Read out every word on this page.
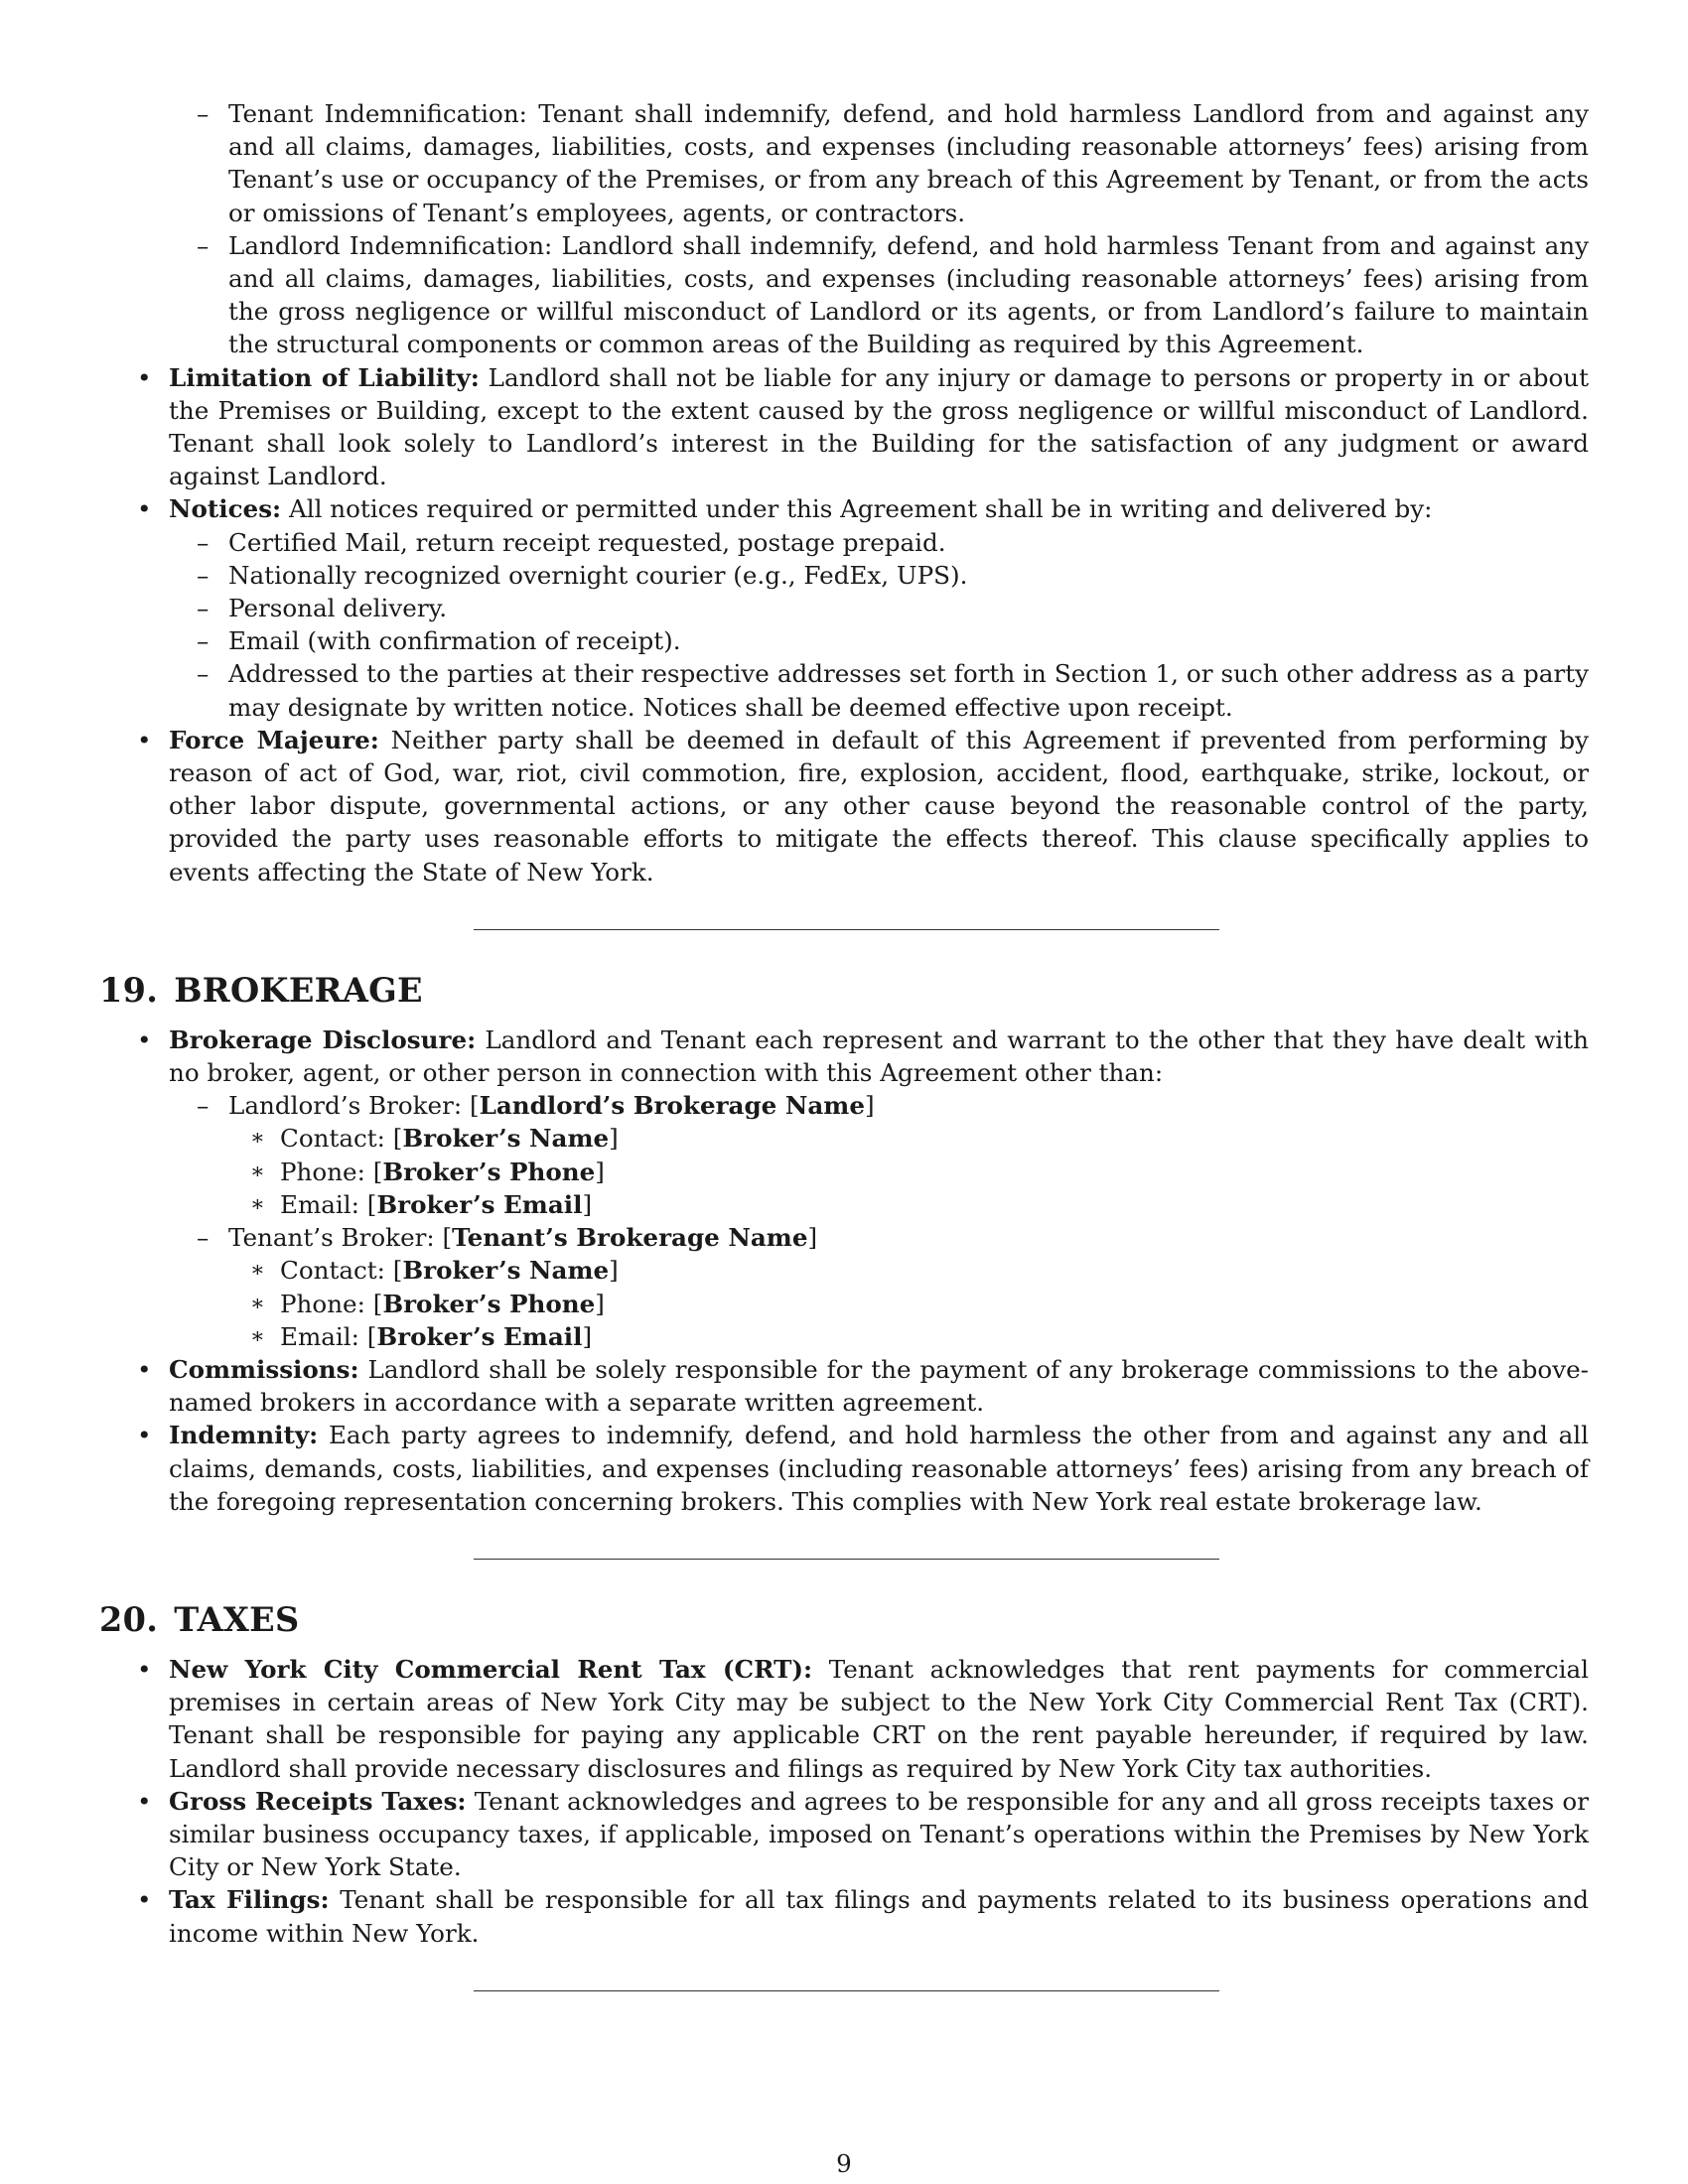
– Tenant Indemnification: Tenant shall indemnify, defend, and hold harmless Landlord from and against any and all claims, damages, liabilities, costs, and expenses (including reasonable attorneys’ fees) arising from Tenant’s use or occupancy of the Premises, or from any breach of this Agreement by Tenant, or from the acts or omissions of Tenant’s employees, agents, or contractors.
– Landlord Indemnification: Landlord shall indemnify, defend, and hold harmless Tenant from and against any and all claims, damages, liabilities, costs, and expenses (including reasonable attorneys’ fees) arising from the gross negligence or willful misconduct of Landlord or its agents, or from Landlord’s failure to maintain the structural components or common areas of the Building as required by this Agreement.
• Limitation of Liability: Landlord shall not be liable for any injury or damage to persons or property in or about the Premises or Building, except to the extent caused by the gross negligence or willful misconduct of Landlord. Tenant shall look solely to Landlord’s interest in the Building for the satisfaction of any judgment or award against Landlord.
• Notices: All notices required or permitted under this Agreement shall be in writing and delivered by:
– Certified Mail, return receipt requested, postage prepaid.
– Nationally recognized overnight courier (e.g., FedEx, UPS).
– Personal delivery.
– Email (with confirmation of receipt).
– Addressed to the parties at their respective addresses set forth in Section 1, or such other address as a party may designate by written notice. Notices shall be deemed effective upon receipt.
• Force Majeure: Neither party shall be deemed in default of this Agreement if prevented from performing by reason of act of God, war, riot, civil commotion, fire, explosion, accident, flood, earthquake, strike, lockout, or other labor dispute, governmental actions, or any other cause beyond the reasonable control of the party, provided the party uses reasonable efforts to mitigate the effects thereof. This clause specifically applies to events affecting the State of New York.
19. BROKERAGE
• Brokerage Disclosure: Landlord and Tenant each represent and warrant to the other that they have dealt with no broker, agent, or other person in connection with this Agreement other than:
– Landlord’s Broker: [Landlord’s Brokerage Name]
∗ Contact: [Broker’s Name]
∗ Phone: [Broker’s Phone]
∗ Email: [Broker’s Email]
– Tenant’s Broker: [Tenant’s Brokerage Name]
∗ Contact: [Broker’s Name]
∗ Phone: [Broker’s Phone]
∗ Email: [Broker’s Email]
• Commissions: Landlord shall be solely responsible for the payment of any brokerage commissions to the above-named brokers in accordance with a separate written agreement.
• Indemnity: Each party agrees to indemnify, defend, and hold harmless the other from and against any and all claims, demands, costs, liabilities, and expenses (including reasonable attorneys’ fees) arising from any breach of the foregoing representation concerning brokers. This complies with New York real estate brokerage law.
20. TAXES
• New York City Commercial Rent Tax (CRT): Tenant acknowledges that rent payments for commercial premises in certain areas of New York City may be subject to the New York City Commercial Rent Tax (CRT). Tenant shall be responsible for paying any applicable CRT on the rent payable hereunder, if required by law. Landlord shall provide necessary disclosures and filings as required by New York City tax authorities.
• Gross Receipts Taxes: Tenant acknowledges and agrees to be responsible for any and all gross receipts taxes or similar business occupancy taxes, if applicable, imposed on Tenant’s operations within the Premises by New York City or New York State.
• Tax Filings: Tenant shall be responsible for all tax filings and payments related to its business operations and income within New York.
9
